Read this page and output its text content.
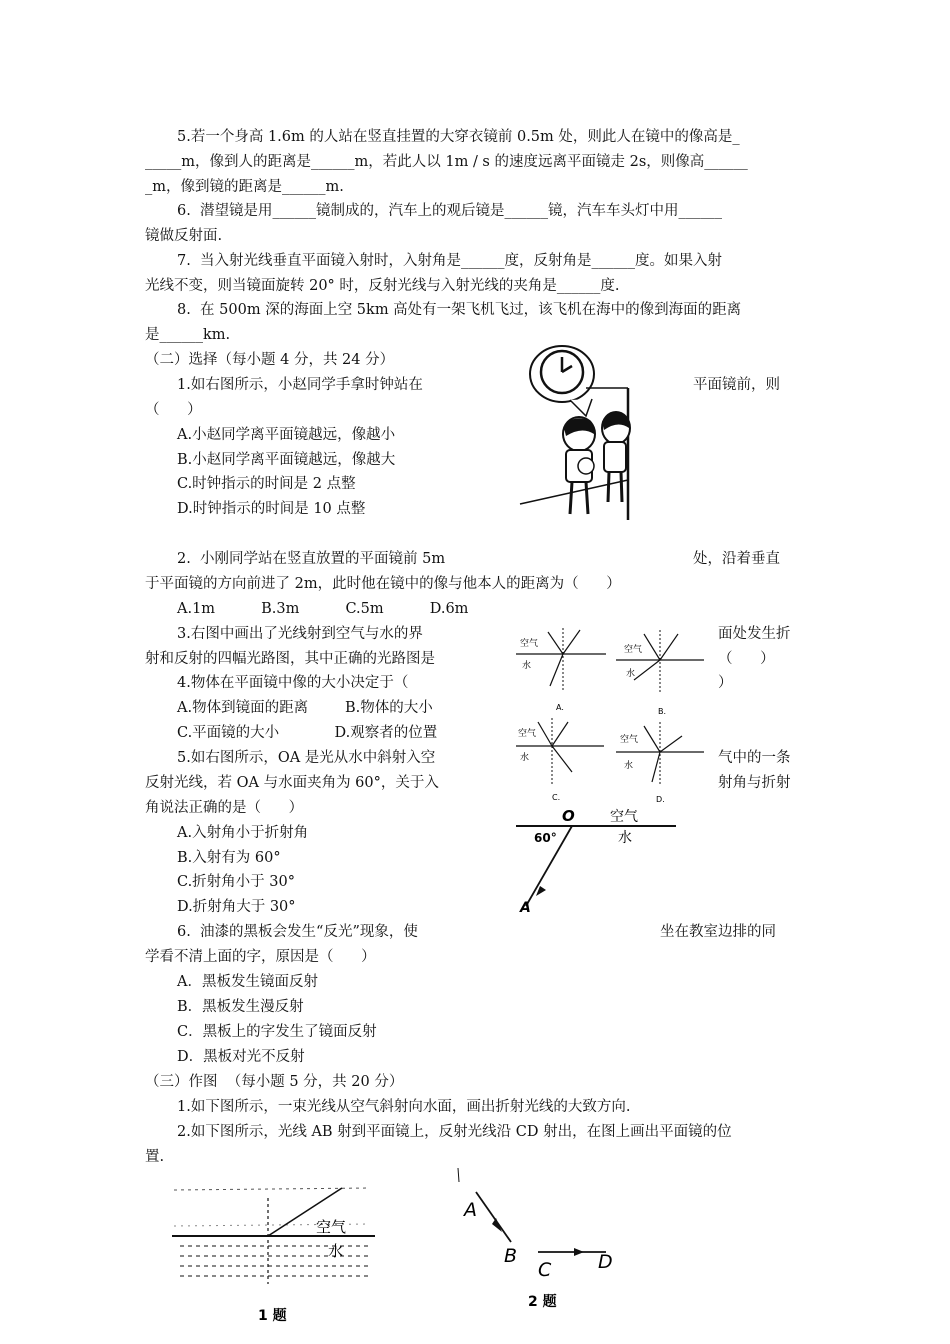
5.若一个身高 1.6m 的人站在竖直挂置的大穿衣镜前 0.5m 处，则此人在镜中的像高是_
_____m，像到人的距离是______m，若此人以 1m / s 的速度远离平面镜走 2s，则像高______
_m，像到镜的距离是______m.
6.  潜望镜是用______镜制成的，汽车上的观后镜是______镜，汽车车头灯中用______
镜做反射面.
7.  当入射光线垂直平面镜入射时，入射角是______度，反射角是______度。如果入射
光线不变，则当镜面旋转 20° 时，反射光线与入射光线的夹角是______度.
8.  在 500m 深的海面上空 5km 高处有一架飞机飞过，该飞机在海中的像到海面的距离
是______km.
（二）选择（每小题 4 分，共 24 分）
1.如右图所示，小赵同学手拿时钟站在	平面镜前，则
（      ）
A.小赵同学离平面镜越远，像越小
B.小赵同学离平面镜越远，像越大
C.时钟指示的时间是 2 点整
D.时钟指示的时间是 10 点整
2.  小刚同学站在竖直放置的平面镜前 5m	处，沿着垂直
于平面镜的方向前进了 2m，此时他在镜中的像与他本人的距离为（      ）
A.1m          B.3m          C.5m          D.6m
3.右图中画出了光线射到空气与水的界	面处发生折
射和反射的四幅光路图，其中正确的光路图是	（      ）
4.物体在平面镜中像的大小决定于（	）
A.物体到镜面的距离        B.物体的大小
C.平面镜的大小            D.观察者的位置
5.如右图所示，OA 是光从水中斜射入空	气中的一条
反射光线，若 OA 与水面夹角为 60°，关于入	射角与折射
角说法正确的是（      ）
A.入射角小于折射角
B.入射有为 60°
C.折射角小于 30°
D.折射角大于 30°
6.  油漆的黑板会发生“反光”现象，使	坐在教室边排的同
学看不清上面的字，原因是（      ）
A．黑板发生镜面反射
B．黑板发生漫反射
C．黑板上的字发生了镜面反射
D．黑板对光不反射
（三）作图  （每小题 5 分，共 20 分）
1.如下图所示，一束光线从空气斜射向水面，画出折射光线的大致方向.
2.如下图所示，光线 AB 射到平面镜上，反射光线沿 CD 射出，在图上画出平面镜的位
置.
空气
水
A.
空气
水
B.
空气
水
C.
空气
水
D.
O
60°
空气
水
A
空气
水
1 题
A
B
C D
2 题
